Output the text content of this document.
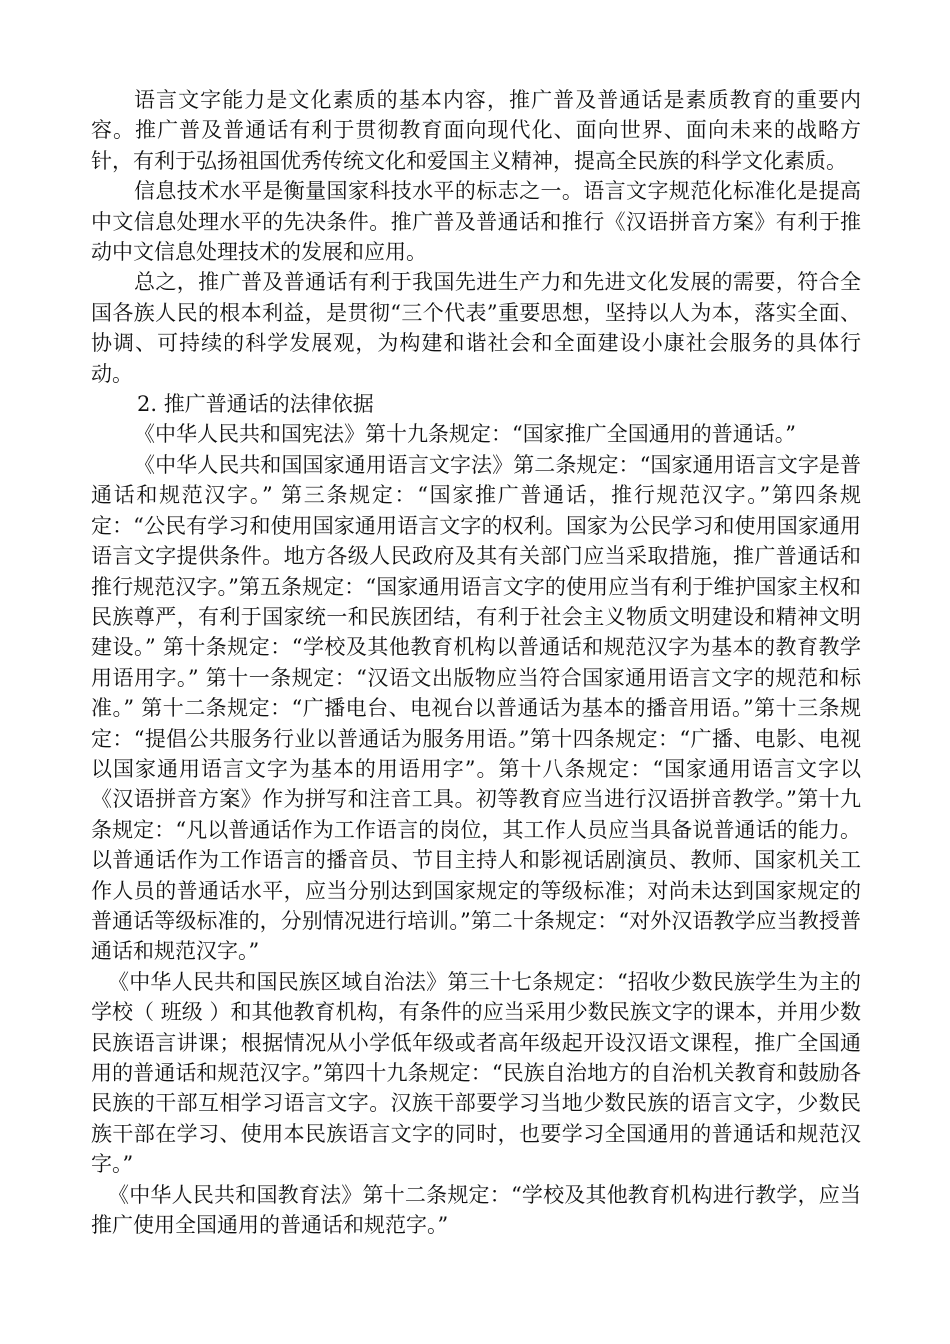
语言文字能力是文化素质的基本内容，推广普及普通话是素质教育的重要内容。推广普及普通话有利于贯彻教育面向现代化、面向世界、面向未来的战略方针，有利于弘扬祖国优秀传统文化和爱国主义精神，提高全民族的科学文化素质。

信息技术水平是衡量国家科技水平的标志之一。语言文字规范化标准化是提高中文信息处理水平的先决条件。推广普及普通话和推行《汉语拼音方案》有利于推动中文信息处理技术的发展和应用。

总之，推广普及普通话有利于我国先进生产力和先进文化发展的需要，符合全国各族人民的根本利益，是贯彻“三个代表”重要思想，坚持以人为本，落实全面、协调、可持续的科学发展观，为构建和谐社会和全面建设小康社会服务的具体行动。

2. 推广普通话的法律依据

《中华人民共和国宪法》第十九条规定：“国家推广全国通用的普通话。”

《中华人民共和国国家通用语言文字法》第二条规定：“国家通用语言文字是普通话和规范汉字。” 第三条规定：“国家推广普通话，推行规范汉字。”第四条规定：“公民有学习和使用国家通用语言文字的权利。国家为公民学习和使用国家通用语言文字提供条件。地方各级人民政府及其有关部门应当采取措施，推广普通话和推行规范汉字。”第五条规定：“国家通用语言文字的使用应当有利于维护国家主权和民族尊严，有利于国家统一和民族团结，有利于社会主义物质文明建设和精神文明建设。” 第十条规定：“学校及其他教育机构以普通话和规范汉字为基本的教育教学用语用字。” 第十一条规定：“汉语文出版物应当符合国家通用语言文字的规范和标准。” 第十二条规定：“广播电台、电视台以普通话为基本的播音用语。”第十三条规定：“提倡公共服务行业以普通话为服务用语。”第十四条规定：“广播、电影、电视以国家通用语言文字为基本的用语用字”。第十八条规定：“国家通用语言文字以 《汉语拼音方案》作为拼写和注音工具。初等教育应当进行汉语拼音教学。”第十九条规定：“凡以普通话作为工作语言的岗位，其工作人员应当具备说普通话的能力。以普通话作为工作语言的播音员、节目主持人和影视话剧演员、教师、国家机关工作人员的普通话水平，应当分别达到国家规定的等级标准；对尚未达到国家规定的普通话等级标准的，分别情况进行培训。”第二十条规定：“对外汉语教学应当教授普通话和规范汉字。”

《中华人民共和国民族区域自治法》第三十七条规定：“招收少数民族学生为主的学校（ 班级 ）和其他教育机构，有条件的应当采用少数民族文字的课本，并用少数民族语言讲课；根据情况从小学低年级或者高年级起开设汉语文课程，推广全国通用的普通话和规范汉字。”第四十九条规定：“民族自治地方的自治机关教育和鼓励各民族的干部互相学习语言文字。汉族干部要学习当地少数民族的语言文字，少数民族干部在学习、使用本民族语言文字的同时，也要学习全国通用的普通话和规范汉字。”

《中华人民共和国教育法》第十二条规定：“学校及其他教育机构进行教学，应当推广使用全国通用的普通话和规范字。”
